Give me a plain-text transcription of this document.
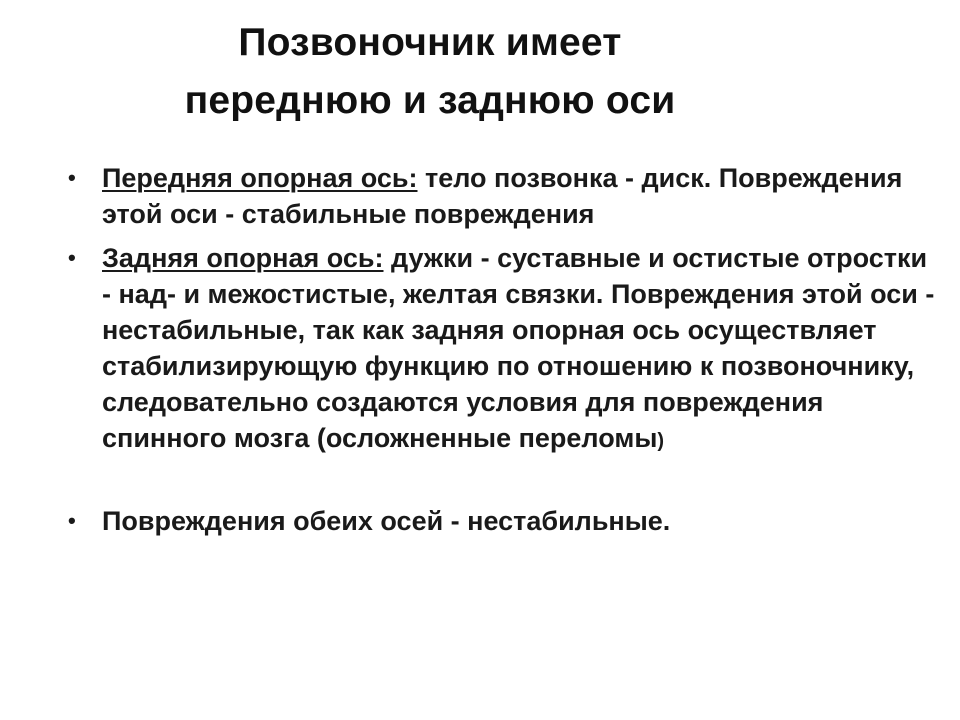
Позвоночник имеет
переднюю и заднюю оси
• Передняя опорная ось: тело позвонка - диск. Повреждения этой оси - стабильные повреждения
• Задняя опорная ось: дужки - суставные и остистые отростки - над- и межостистые, желтая связки. Повреждения этой оси - нестабильные, так как задняя опорная ось осуществляет стабилизирующую функцию по отношению к позвоночнику, следовательно создаются условия для повреждения спинного мозга (осложненные переломы)
• Повреждения обеих осей - нестабильные.
